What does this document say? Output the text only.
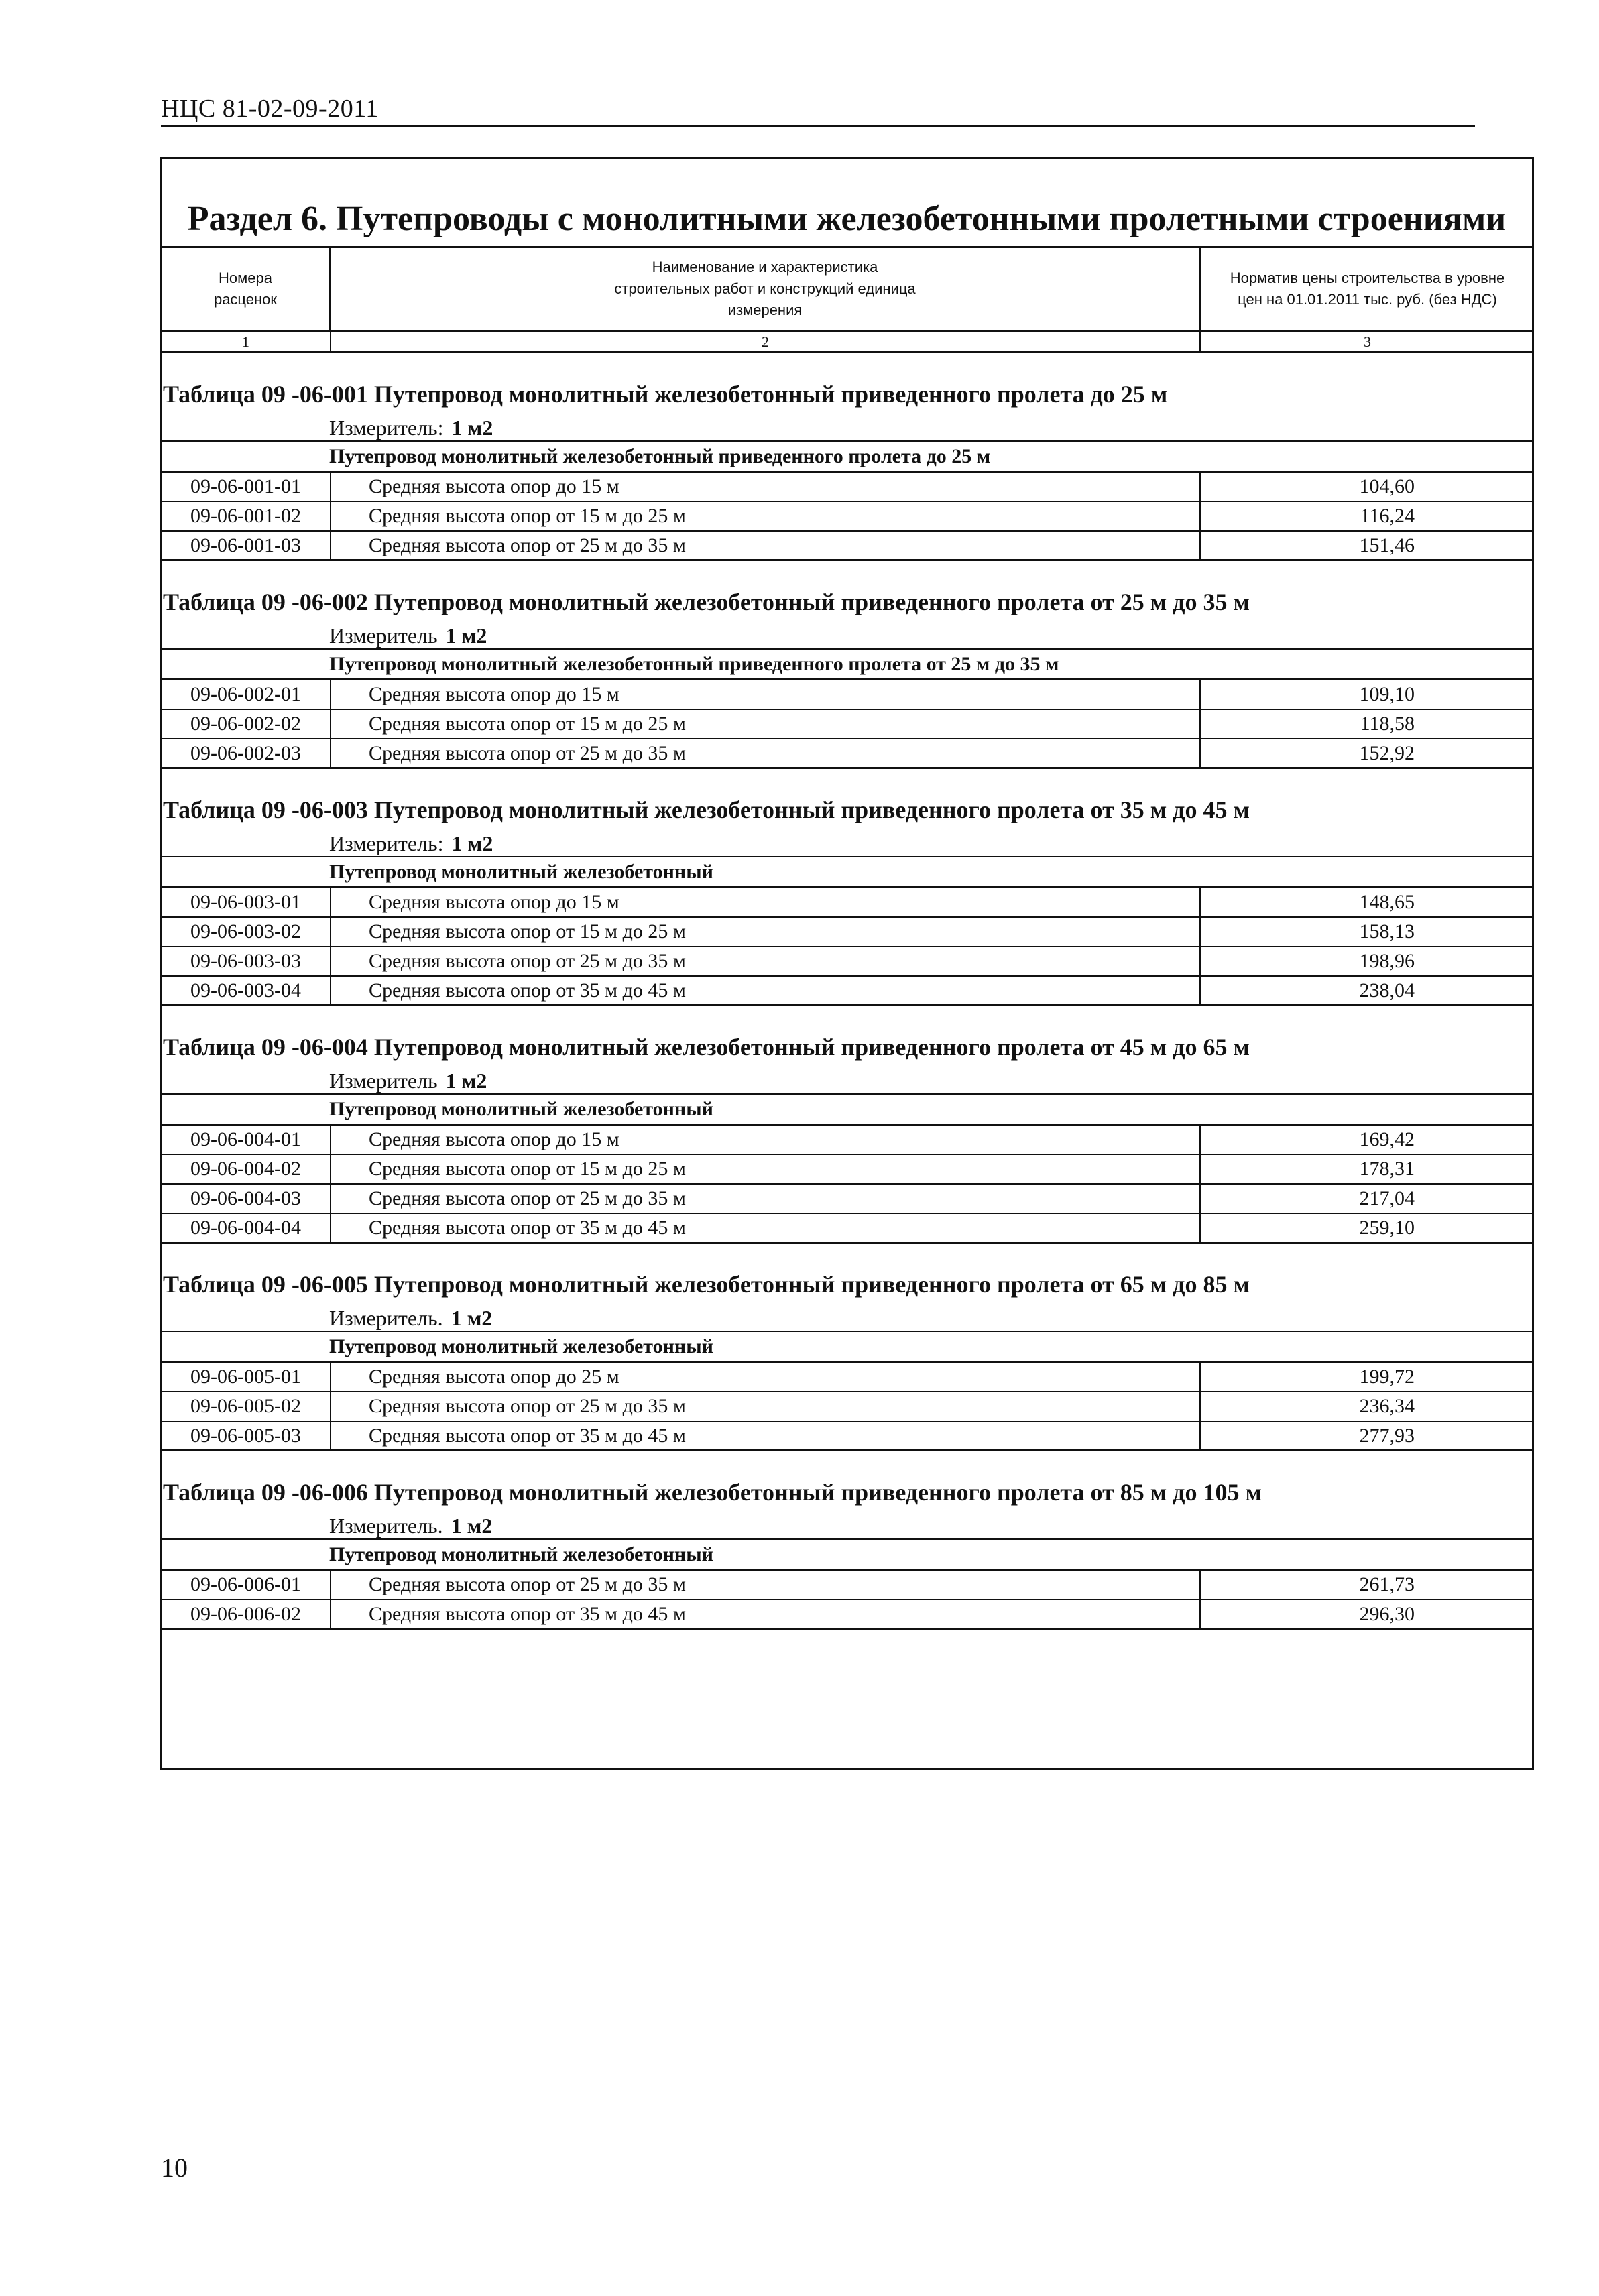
НЦС 81-02-09-2011
Раздел 6. Путепроводы с монолитными железобетонными пролетными строениями
Номера расценок
Наименование и характеристика строительных работ и конструкций единица измерения
Норматив цены строительства в уровне цен на 01.01.2011 тыс. руб. (без НДС)
1	2	3
Таблица 09 -06-001 Путепровод монолитный железобетонный приведенного пролета до 25 м
Измеритель: 1 м2
Путепровод монолитный железобетонный приведенного пролета до 25 м
09-06-001-01	Средняя высота опор до 15 м	104,60
09-06-001-02	Средняя высота опор от 15 м до 25 м	116,24
09-06-001-03	Средняя высота опор от 25 м до 35 м	151,46
Таблица 09 -06-002 Путепровод монолитный железобетонный приведенного пролета от 25 м до 35 м
Измеритель 1 м2
Путепровод монолитный железобетонный приведенного пролета от 25 м до 35 м
09-06-002-01	Средняя высота опор до 15 м	109,10
09-06-002-02	Средняя высота опор от 15 м до 25 м	118,58
09-06-002-03	Средняя высота опор от 25 м до 35 м	152,92
Таблица 09 -06-003 Путепровод монолитный железобетонный приведенного пролета от 35 м до 45 м
Измеритель: 1 м2
Путепровод монолитный железобетонный
09-06-003-01	Средняя высота опор до 15 м	148,65
09-06-003-02	Средняя высота опор от 15 м до 25 м	158,13
09-06-003-03	Средняя высота опор от 25 м до 35 м	198,96
09-06-003-04	Средняя высота опор от 35 м до 45 м	238,04
Таблица 09 -06-004 Путепровод монолитный железобетонный приведенного пролета от 45 м до 65 м
Измеритель 1 м2
Путепровод монолитный железобетонный
09-06-004-01	Средняя высота опор до 15 м	169,42
09-06-004-02	Средняя высота опор от 15 м до 25 м	178,31
09-06-004-03	Средняя высота опор от 25 м до 35 м	217,04
09-06-004-04	Средняя высота опор от 35 м до 45 м	259,10
Таблица 09 -06-005 Путепровод монолитный железобетонный приведенного пролета от 65 м до 85 м
Измеритель. 1 м2
Путепровод монолитный железобетонный
09-06-005-01	Средняя высота опор до 25 м	199,72
09-06-005-02	Средняя высота опор от 25 м до 35 м	236,34
09-06-005-03	Средняя высота опор от 35 м до 45 м	277,93
Таблица 09 -06-006 Путепровод монолитный железобетонный приведенного пролета от 85 м до 105 м
Измеритель. 1 м2
Путепровод монолитный железобетонный
09-06-006-01	Средняя высота опор от 25 м до 35 м	261,73
09-06-006-02	Средняя высота опор от 35 м до 45 м	296,30
10
